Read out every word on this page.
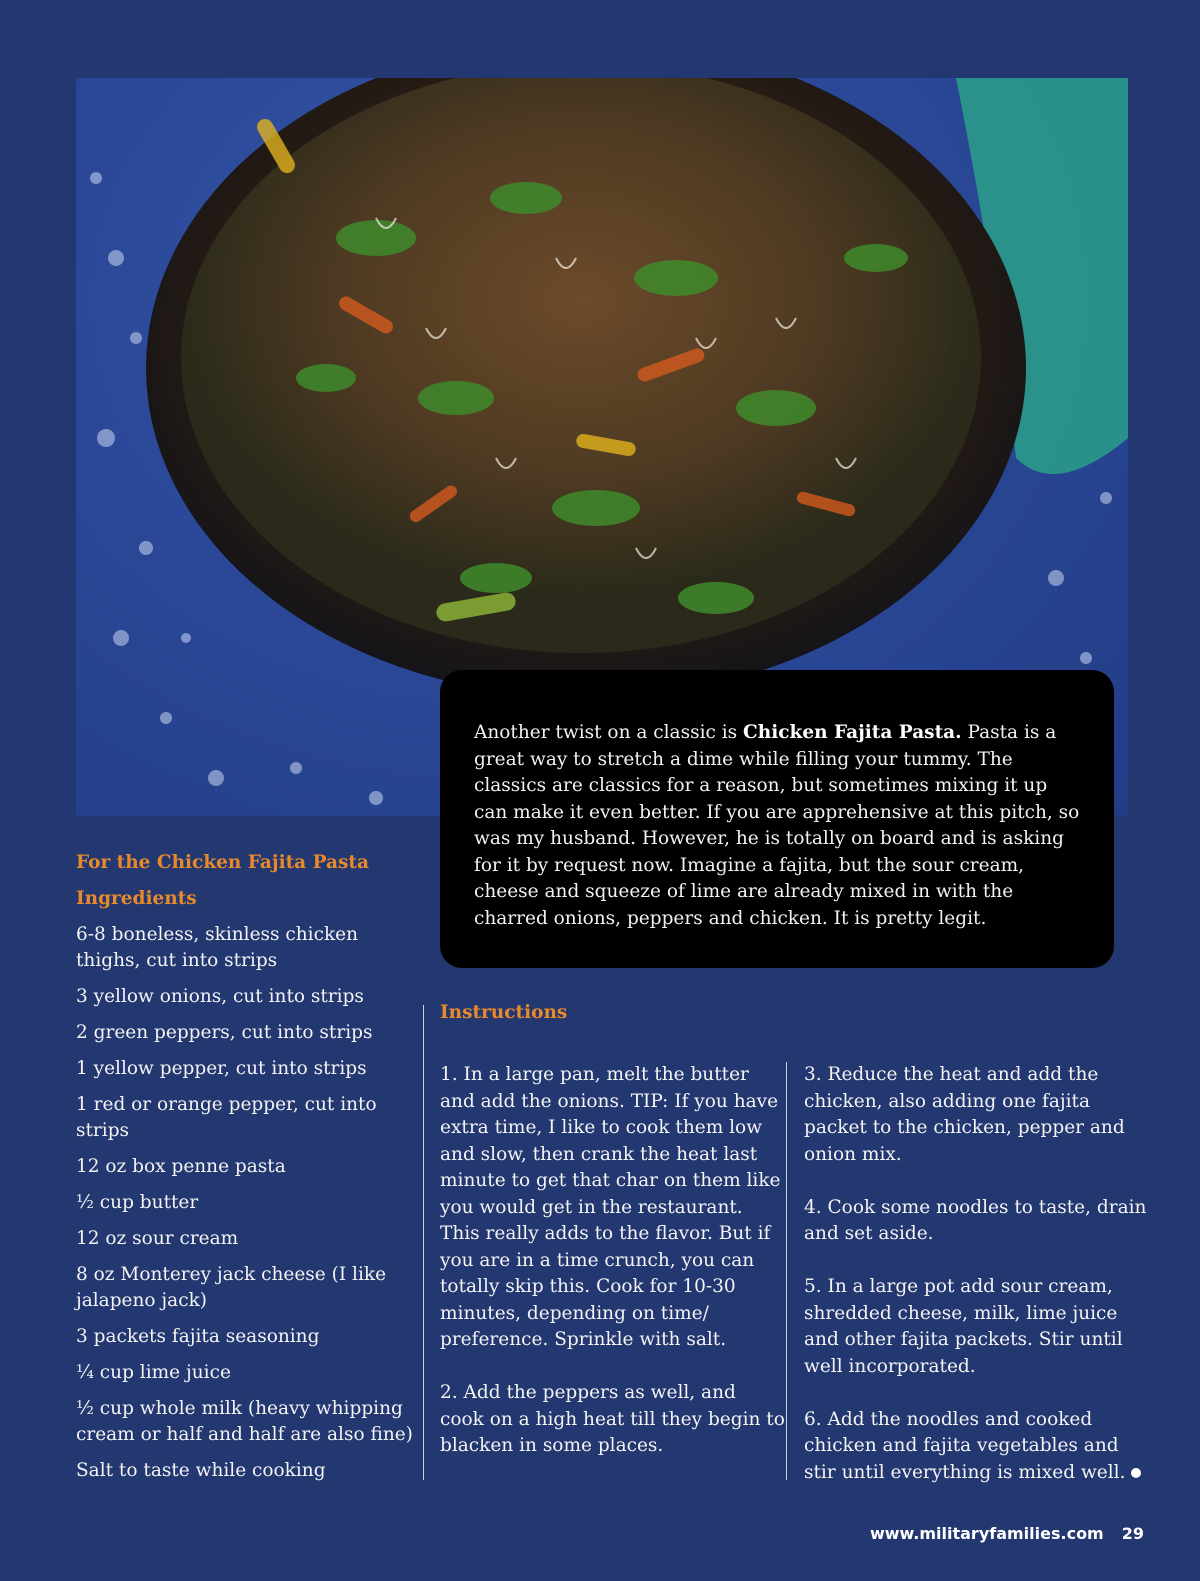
Another twist on a classic is Chicken Fajita Pasta. Pasta is a great way to stretch a dime while filling your tummy. The classics are classics for a reason, but sometimes mixing it up can make it even better. If you are apprehensive at this pitch, so was my husband. However, he is totally on board and is asking for it by request now. Imagine a fajita, but the sour cream, cheese and squeeze of lime are already mixed in with the charred onions, peppers and chicken. It is pretty legit.

For the Chicken Fajita Pasta
Ingredients
6-8 boneless, skinless chicken thighs, cut into strips
3 yellow onions, cut into strips
2 green peppers, cut into strips
1 yellow pepper, cut into strips
1 red or orange pepper, cut into strips
12 oz box penne pasta
½ cup butter
12 oz sour cream
8 oz Monterey jack cheese (I like jalapeno jack)
3 packets fajita seasoning
¼ cup lime juice
½ cup whole milk (heavy whipping cream or half and half are also fine)
Salt to taste while cooking
Instructions

1. In a large pan, melt the butter and add the onions. TIP: If you have extra time, I like to cook them low and slow, then crank the heat last minute to get that char on them like you would get in the restaurant. This really adds to the flavor. But if you are in a time crunch, you can totally skip this. Cook for 10-30 minutes, depending on time/ preference. Sprinkle with salt.

2. Add the peppers as well, and cook on a high heat till they begin to blacken in some places.

3. Reduce the heat and add the chicken, also adding one fajita packet to the chicken, pepper and onion mix.

4. Cook some noodles to taste, drain and set aside.

5. In a large pot add sour cream, shredded cheese, milk, lime juice and other fajita packets. Stir until well incorporated.

6. Add the noodles and cooked chicken and fajita vegetables and stir until everything is mixed well.

www.militaryfamilies.com 29
